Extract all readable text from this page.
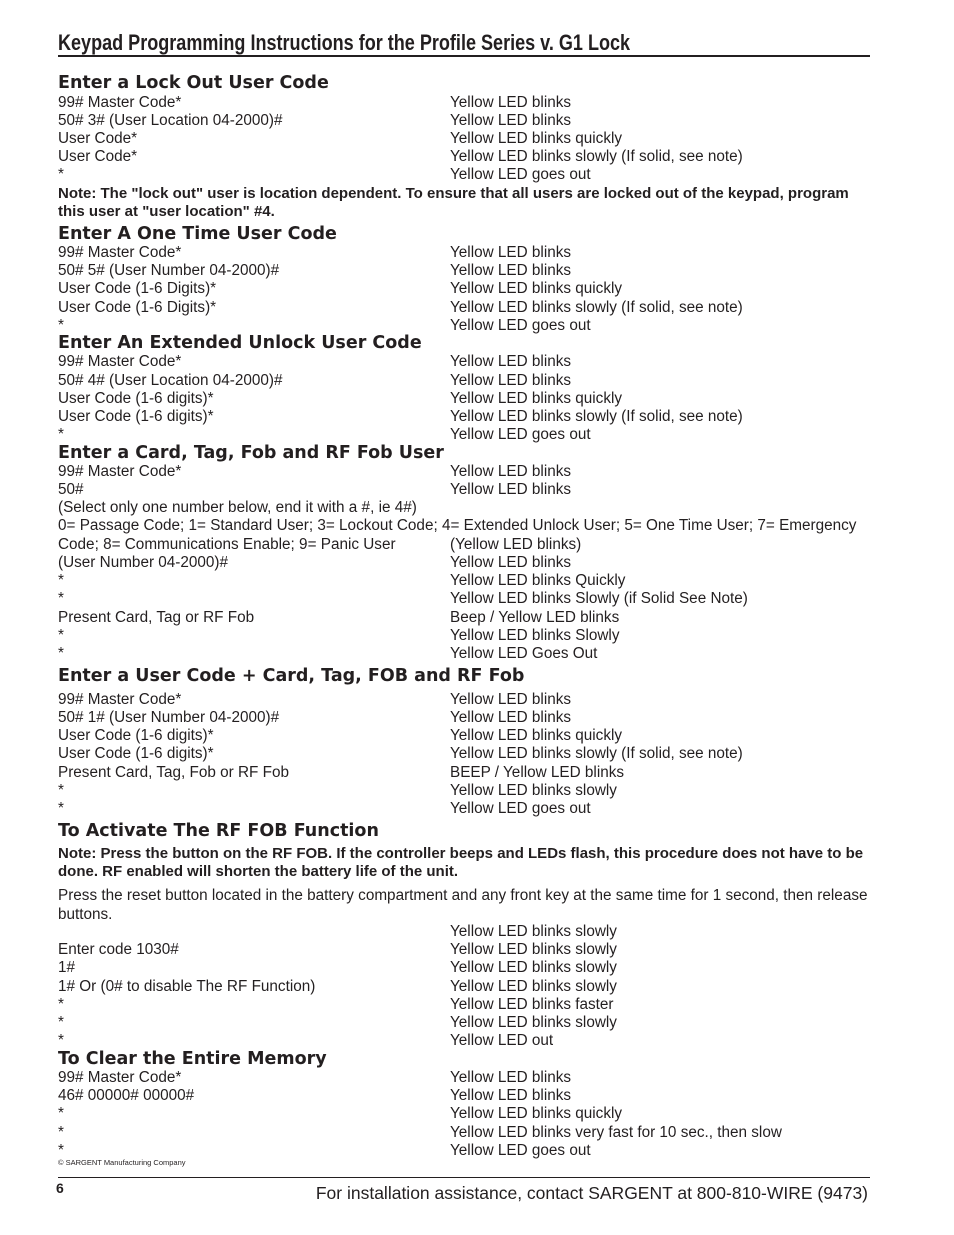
Keypad Programming Instructions for the Profile Series v. G1 Lock
Enter a Lock Out User Code
99# Master Code*	Yellow LED blinks
50# 3# (User Location 04-2000)#	Yellow LED blinks
User Code*	Yellow LED blinks quickly
User Code*	Yellow LED blinks slowly (If solid, see note)
*	Yellow LED goes out
Note: The "lock out" user is location dependent. To ensure that all users are locked out of the keypad, program this user at "user location" #4.
Enter A One Time User Code
99# Master Code*	Yellow LED blinks
50# 5# (User Number 04-2000)#	Yellow LED blinks
User Code (1-6 Digits)*	Yellow LED blinks quickly
User Code (1-6 Digits)*	Yellow LED blinks slowly (If solid, see note)
*	Yellow LED goes out
Enter An Extended Unlock User Code
99# Master Code*	Yellow LED blinks
50# 4# (User Location 04-2000)#	Yellow LED blinks
User Code (1-6 digits)*	Yellow LED blinks quickly
User Code (1-6 digits)*	Yellow LED blinks slowly (If solid, see note)
*	Yellow LED goes out
Enter a Card, Tag, Fob and RF Fob User
99# Master Code*	Yellow LED blinks
50#	Yellow LED blinks
(Select only one number below, end it with a #, ie 4#)
0= Passage Code; 1= Standard User; 3= Lockout Code; 4= Extended Unlock User; 5= One Time User; 7= Emergency
Code; 8= Communications Enable; 9= Panic User	(Yellow LED blinks)
(User Number 04-2000)#	Yellow LED blinks
*	Yellow LED blinks Quickly
*	Yellow LED blinks Slowly (if Solid See Note)
Present Card, Tag or RF Fob	Beep / Yellow LED blinks
*	Yellow LED blinks Slowly
*	Yellow LED Goes Out
Enter a User Code + Card, Tag, FOB and RF Fob
99# Master Code*	Yellow LED blinks
50# 1# (User Number 04-2000)#	Yellow LED blinks
User Code (1-6 digits)*	Yellow LED blinks quickly
User Code (1-6 digits)*	Yellow LED blinks slowly (If solid, see note)
Present Card, Tag, Fob or RF Fob	BEEP / Yellow LED blinks
*	Yellow LED blinks slowly
*	Yellow LED goes out
To Activate The RF FOB Function
Note: Press the button on the RF FOB. If the controller beeps and LEDs flash, this procedure does not have to be done. RF enabled will shorten the battery life of the unit.
Press the reset button located in the battery compartment and any front key at the same time for 1 second, then release buttons.
Yellow LED blinks slowly
Enter code 1030#	Yellow LED blinks slowly
1#	Yellow LED blinks slowly
1# Or (0# to disable The RF Function)	Yellow LED blinks slowly
*	Yellow LED blinks faster
*	Yellow LED blinks slowly
*	Yellow LED out
To Clear the Entire Memory
99# Master Code*	Yellow LED blinks
46# 00000# 00000#	Yellow LED blinks
*	Yellow LED blinks quickly
*	Yellow LED blinks very fast for 10 sec., then slow
*	Yellow LED goes out
© SARGENT Manufacturing Company
6	For installation assistance, contact SARGENT at 800-810-WIRE (9473)
